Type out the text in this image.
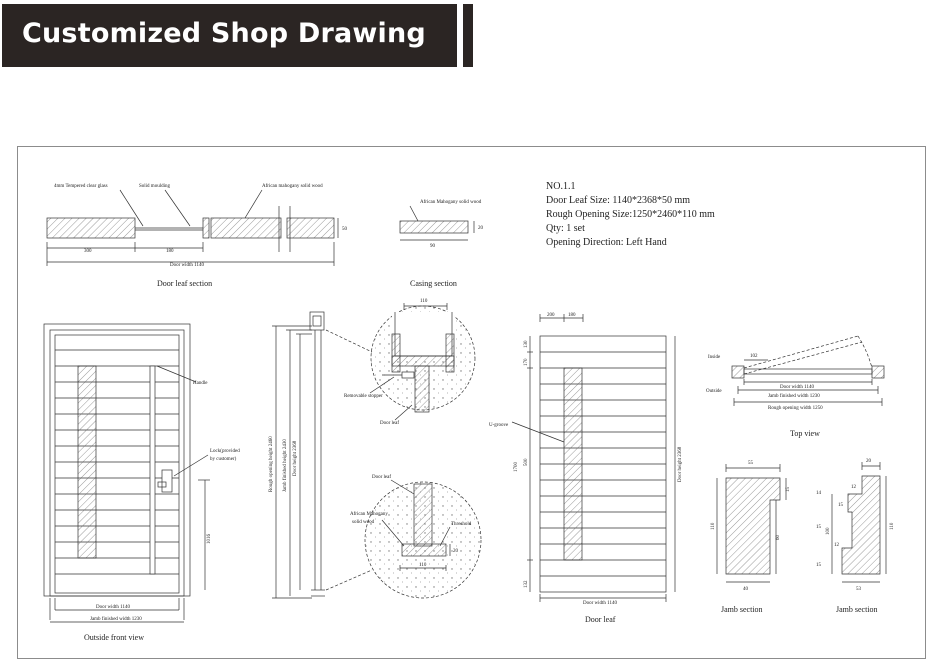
Customized Shop Drawing
NO.1.1
Door Leaf Size: 1140*2368*50 mm
Rough Opening Size:1250*2460*110 mm
Qty: 1 set
Opening Direction: Left Hand
4mm Tempered clear glass	Solid moulding	African mahogany solid wood
300	180
Door width 1140
50
Door leaf section
African Mahogany solid wood
90
20
Casing section
Handle
Lock(provided
by customer)
1016
Door width 1140
Jamb finished width 1230
Outside front view
Rough opening height 2460 Jamb finished height 2430 Door height 2368
110
Removable stopper
Door leaf
Door leaf
African Mahogany
solid wood	Threshold
110
20
200	180
130
170
1700 500
132
Door height 2368
Door width 1140
U-groove
Door leaf
Inside
Outside
102
Door width 1140
Jamb finished width 1230
Rough opening width 1250
Top view
55
15
60
110
40
Jamb section
20
12
14
15
15
12
15
100
110
53
Jamb section
